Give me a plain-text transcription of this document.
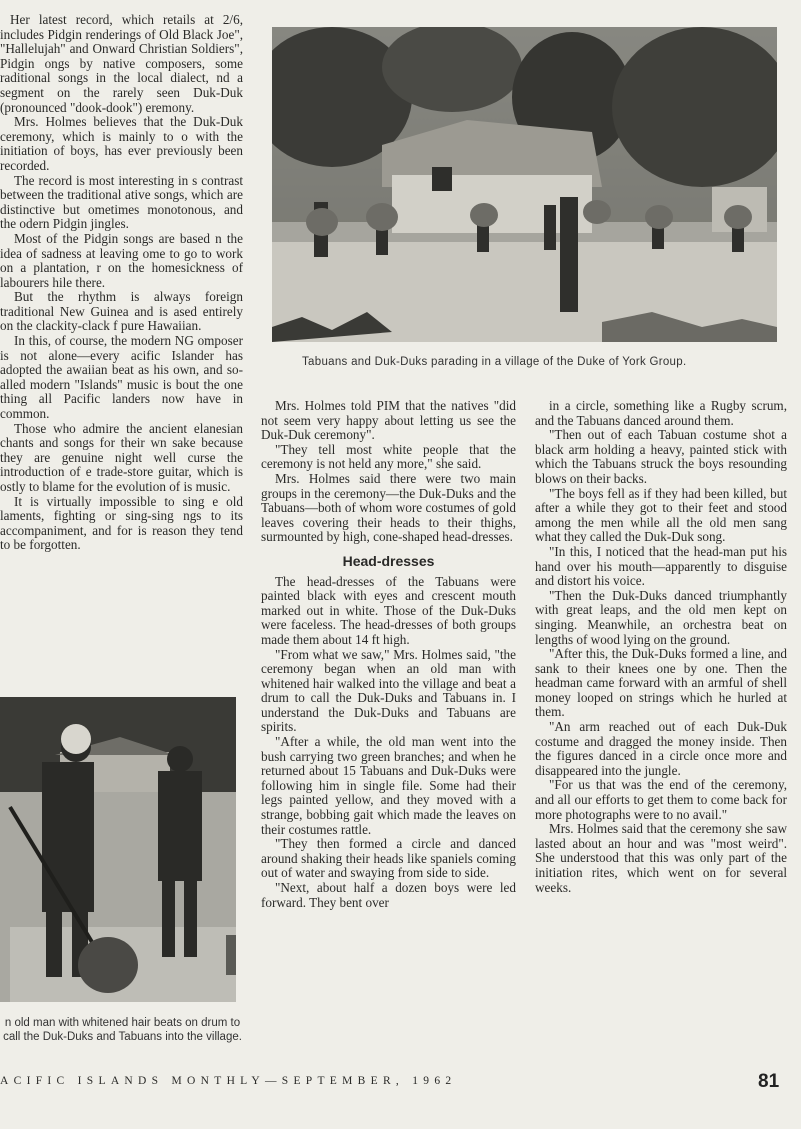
Her latest record, which retails at 2/6, includes Pidgin renderings of Old Black Joe", "Hallelujah" and Onward Christian Soldiers", Pidgin ongs by native composers, some raditional songs in the local dialect, nd a segment on the rarely seen Duk-Duk (pronounced "dook-dook") eremony.

Mrs. Holmes believes that the Duk-Duk ceremony, which is mainly to o with the initiation of boys, has ever previously been recorded.

The record is most interesting in s contrast between the traditional ative songs, which are distinctive but ometimes monotonous, and the odern Pidgin jingles.

Most of the Pidgin songs are based n the idea of sadness at leaving ome to go to work on a plantation, r on the homesickness of labourers hile there.

But the rhythm is always foreign traditional New Guinea and is ased entirely on the clackity-clack f pure Hawaiian.

In this, of course, the modern NG omposer is not alone—every acific Islander has adopted the awaiian beat as his own, and so-alled modern "Islands" music is bout the one thing all Pacific landers now have in common.

Those who admire the ancient elanesian chants and songs for their wn sake because they are genuine night well curse the introduction of e trade-store guitar, which is ostly to blame for the evolution of is music.

It is virtually impossible to sing e old laments, fighting or sing-sing ngs to its accompaniment, and for is reason they tend to be forgotten.

Tabuans and Duk-Duks parading in a village of the Duke of York Group.
n old man with whitened hair beats on drum to call the Duk-Duks and Tabuans into the village.

Mrs. Holmes told PIM that the natives "did not seem very happy about letting us see the Duk-Duk ceremony".

"They tell most white people that the ceremony is not held any more," she said.

Mrs. Holmes said there were two main groups in the ceremony—the Duk-Duks and the Tabuans—both of whom wore costumes of gold leaves covering their heads to their thighs, surmounted by high, cone-shaped head-dresses.

Head-dresses

The head-dresses of the Tabuans were painted black with eyes and crescent mouth marked out in white. Those of the Duk-Duks were faceless. The head-dresses of both groups made them about 14 ft high.

"From what we saw," Mrs. Holmes said, "the ceremony began when an old man with whitened hair walked into the village and beat a drum to call the Duk-Duks and Tabuans in. I understand the Duk-Duks and Tabuans are spirits.

"After a while, the old man went into the bush carrying two green branches; and when he returned about 15 Tabuans and Duk-Duks were following him in single file. Some had their legs painted yellow, and they moved with a strange, bobbing gait which made the leaves on their costumes rattle.

"They then formed a circle and danced around shaking their heads like spaniels coming out of water and swaying from side to side.

"Next, about half a dozen boys were led forward. They bent over

in a circle, something like a Rugby scrum, and the Tabuans danced around them.

"Then out of each Tabuan costume shot a black arm holding a heavy, painted stick with which the Tabuans struck the boys resounding blows on their backs.

"The boys fell as if they had been killed, but after a while they got to their feet and stood among the men while all the old men sang what they called the Duk-Duk song.

"In this, I noticed that the head-man put his hand over his mouth—apparently to disguise and distort his voice.

"Then the Duk-Duks danced triumphantly with great leaps, and the old men kept on singing. Meanwhile, an orchestra beat on lengths of wood lying on the ground.

"After this, the Duk-Duks formed a line, and sank to their knees one by one. Then the headman came forward with an armful of shell money looped on strings which he hurled at them.

"An arm reached out of each Duk-Duk costume and dragged the money inside. Then the figures danced in a circle once more and disappeared into the jungle.

"For us that was the end of the ceremony, and all our efforts to get them to come back for more photographs were to no avail."

Mrs. Holmes said that the ceremony she saw lasted about an hour and was "most weird". She understood that this was only part of the initiation rites, which went on for several weeks.

ACIFIC ISLANDS MONTHLY—SEPTEMBER, 1962	81
